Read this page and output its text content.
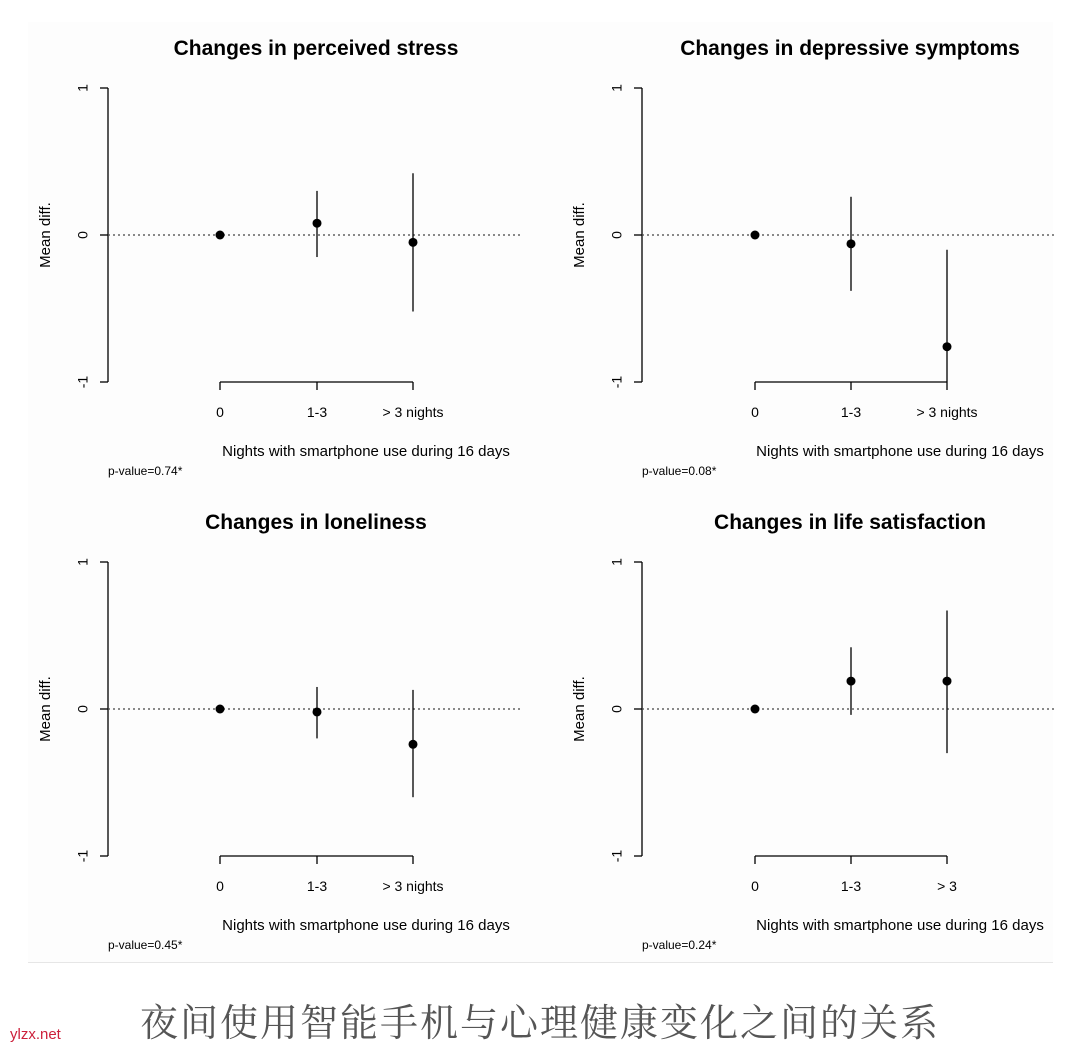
Changes in perceived stress
-1
0
1
Mean diff.
0	1-3	> 3 nights
Nights with smartphone use during 16 days
p-value=0.74*
Changes in depressive symptoms
-1
0
1
Mean diff.
0	1-3	> 3 nights
Nights with smartphone use during 16 days
p-value=0.08*
Changes in loneliness
-1
0
1
Mean diff.
0	1-3	> 3 nights
Nights with smartphone use during 16 days
p-value=0.45*
Changes in life satisfaction
-1
0
1
Mean diff.
0	1-3	> 3
Nights with smartphone use during 16 days
p-value=0.24*
夜间使用智能手机与心理健康变化之间的关系
ylzx.net
